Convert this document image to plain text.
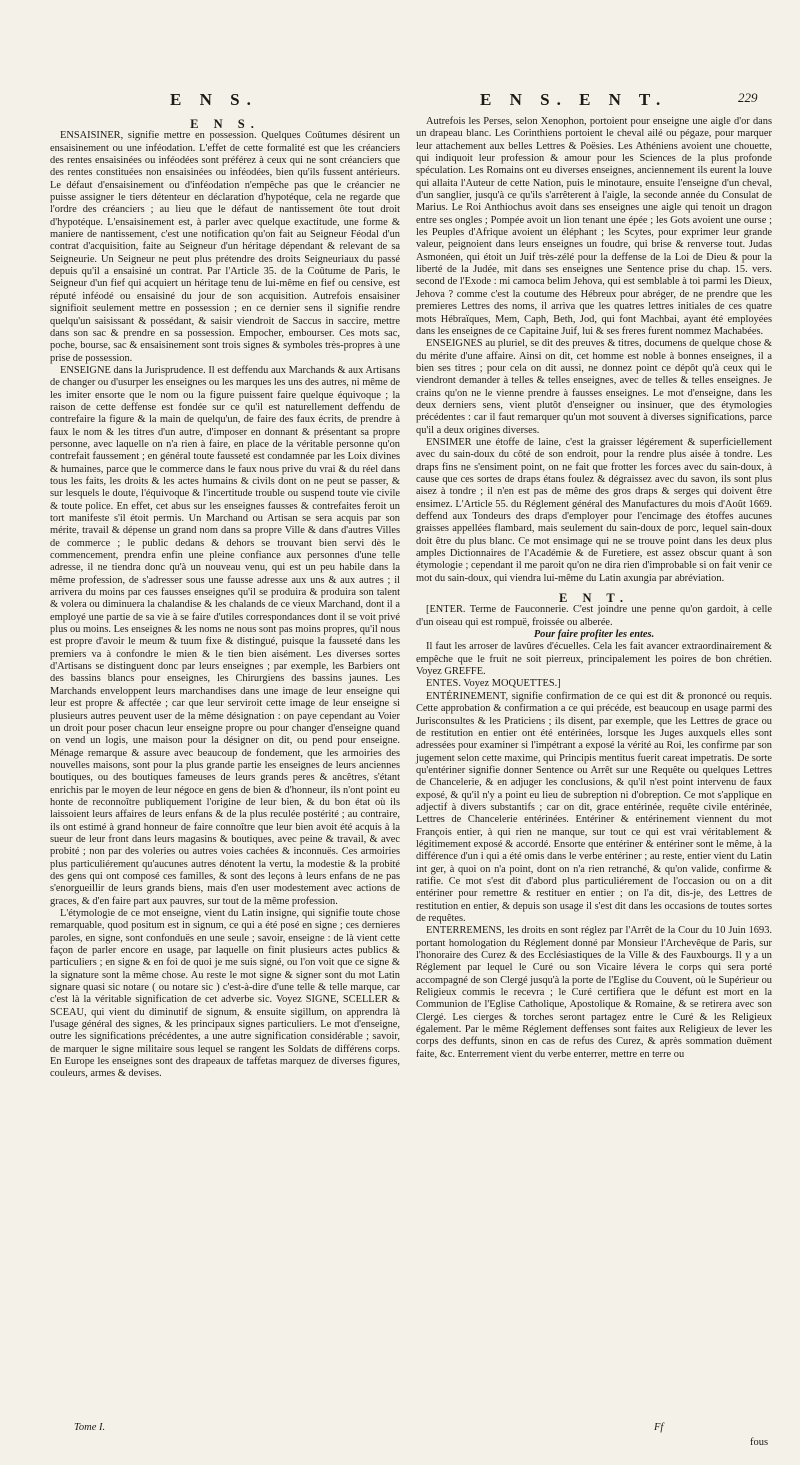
E N S.	E N S. E N T.	229

E N S.

ENSAISINER, signifie mettre en possession. Quelques Coûtumes désirent un ensaisinement ou une inféodation. L'effet de cette formalité est que les créanciers des rentes ensaisinées ou inféodées sont préférez à ceux qui ne sont créanciers que des rentes constituées non ensaisinées ou inféodées, bien qu'ils fussent antérieurs. Le défaut d'ensaisinement ou d'inféodation n'empêche pas que le créancier ne puisse assigner le tiers détenteur en déclaration d'hypotéque, cela ne regarde que l'ordre des créanciers ; au lieu que le défaut de nantissement ôte tout droit d'hypotéque. L'ensaisinement est, à parler avec quelque exactitude, une forme & maniere de nantissement, c'est une notification qu'on fait au Seigneur Féodal d'un contrat d'acquisition, faite au Seigneur d'un héritage dépendant & relevant de sa Seigneurie. Un Seigneur ne peut plus prétendre des droits Seigneuriaux du passé depuis qu'il a ensaisiné un contrat. Par l'Article 35. de la Coûtume de Paris, le Seigneur d'un fief qui acquiert un héritage tenu de lui-même en fief ou censive, est réputé inféodé ou ensaisiné du jour de son acquisition. Autrefois ensaisiner signifioit seulement mettre en possession ; en ce dernier sens il signifie rendre quelqu'un saisissant & possédant, & saisir viendroit de Saccus in saccire, mettre dans son sac & prendre en sa possession. Empocher, embourser. Ces mots sac, poche, bourse, sac & ensaisinement sont trois signes & symboles très-propres à une prise de possession.

ENSEIGNE dans la Jurisprudence. Il est deffendu aux Marchands & aux Artisans de changer ou d'usurper les enseignes ou les marques les uns des autres, ni même de les imiter ensorte que le nom ou la figure puissent faire quelque équivoque ; la raison de cette deffense est fondée sur ce qu'il est naturellement deffendu de contrefaire la figure & la main de quelqu'un, de faire des faux écrits, de prendre à faux le nom & les titres d'un autre, d'imposer en donnant & présentant sa propre personne, avec laquelle on n'a rien à faire, en place de la véritable personne qu'on contrefait faussement ; en général toute fausseté est condamnée par les Loix divines & humaines, parce que le commerce dans le faux nous prive du vrai & du réel dans tous les faits, les droits & les actes humains & civils dont on ne peut se passer, & sur lesquels le doute, l'équivoque & l'incertitude trouble ou suspend toute vie civile & toute police. En effet, cet abus sur les enseignes fausses & contrefaites feroit un tort manifeste s'il étoit permis. Un Marchand ou Artisan se sera acquis par son mérite, travail & dépense un grand nom dans sa propre Ville & dans d'autres Villes de commerce ; le public dedans & dehors se trouvant bien servi dès le commencement, prendra enfin une pleine confiance aux personnes d'une telle adresse, il ne tiendra donc qu'à un nouveau venu, qui est un peu habile dans la même profession, de s'adresser sous une fausse adresse aux uns & aux autres ; il arrivera du moins par ces fausses enseignes qu'il se produira & produira son talent & volera ou diminuera la chalandise & les chalands de ce vieux Marchand, dont il a employé une partie de sa vie à se faire d'utiles correspondances dont il se voit privé plus ou moins. Les enseignes & les noms ne nous sont pas moins propres, qu'il nous est propre d'avoir le meum & tuum fixe & distingué, puisque la fausseté dans les premiers va à confondre le mien & le tien bien aisément. Les diverses sortes d'Artisans se distinguent donc par leurs enseignes ; par exemple, les Barbiers ont des bassins blancs pour enseignes, les Chirurgiens des bassins jaunes. Les Marchands enveloppent leurs marchandises dans une image de leur enseigne qui leur est propre & affectée ; car que leur serviroit cette image de leur enseigne si plusieurs autres peuvent user de la même désignation : on paye cependant au Voier un droit pour poser chacun leur enseigne propre ou pour changer d'enseigne quand on vend un logis, une maison pour la désigner on dit, ou pend pour enseigne. Ménage remarque & assure avec beaucoup de fondement, que les armoiries des nouvelles maisons, sont pour la plus grande partie les enseignes de leurs anciennes boutiques, ou des boutiques fameuses de leurs grands peres & ancêtres, s'étant enrichis par le moyen de leur négoce en gens de bien & d'honneur, ils n'ont point eu honte de reconnoître publiquement l'origine de leur bien, & du bon état où ils laissoient leurs affaires de leurs enfans & de la plus reculée postérité ; au contraire, ils ont estimé à grand honneur de faire connoître que leur bien avoit été acquis à la sueur de leur front dans leurs magasins & boutiques, avec peine & travail, & avec probité ; non par des voleries ou autres voies cachées & inconnuës. Ces armoiries plus particuliérement qu'aucunes autres dénotent la vertu, la modestie & la probité des gens qui ont composé ces familles, & sont des leçons à leurs enfans de ne pas s'enorgueillir de leurs grands biens, mais d'en user modestement avec actions de graces, & d'en faire part aux pauvres, sur tout de la même profession.

L'étymologie de ce mot enseigne, vient du Latin insigne, qui signifie toute chose remarquable, quod positum est in signum, ce qui a été posé en signe ; ces dernieres paroles, en signe, sont confonduës en une seule ; savoir, enseigne : de là vient cette façon de parler encore en usage, par laquelle on finit plusieurs actes publics & particuliers ; en signe & en foi de quoi je me suis signé, ou l'on voit que ce signe & la signature sont la même chose. Au reste le mot signe & signer sont du mot Latin signare quasi sic notare ( ou notare sic ) c'est-à-dire d'une telle & telle marque, car c'est là la véritable signification de cet adverbe sic. Voyez SIGNE, SCELLER & SCEAU, qui vient du diminutif de signum, & ensuite sigillum, on apprendra là l'usage général des signes, & les principaux signes particuliers. Le mot d'enseigne, outre les significations précédentes, a une autre signification considérable ; savoir, de marquer le signe militaire sous lequel se rangent les Soldats de différens corps. En Europe les enseignes sont des drapeaux de taffetas marquez de diverses figures, couleurs, armes & devises.

Autrefois les Perses, selon Xenophon, portoient pour enseigne une aigle d'or dans un drapeau blanc. Les Corinthiens portoient le cheval ailé ou pégaze, pour marquer leur attachement aux belles Lettres & Poësies. Les Athéniens avoient une chouette, qui indiquoit leur profession & amour pour les Sciences de la plus profonde spéculation. Les Romains ont eu diverses enseignes, anciennement ils eurent la louve qui allaita l'Auteur de cette Nation, puis le minotaure, ensuite l'enseigne d'un cheval, d'un sanglier, jusqu'à ce qu'ils s'arrêterent à l'aigle, la seconde année du Consulat de Marius. Le Roi Anthiochus avoit dans ses enseignes une aigle qui tenoit un dragon entre ses ongles ; Pompée avoit un lion tenant une épée ; les Gots avoient une ourse ; les Peuples d'Afrique avoient un éléphant ; les Scytes, pour exprimer leur grande valeur, peignoient dans leurs enseignes un foudre, qui brise & renverse tout. Judas Asmonéen, qui étoit un Juif très-zélé pour la deffense de la Loi de Dieu & pour la liberté de la Judée, mit dans ses enseignes une Sentence prise du chap. 15. vers. second de l'Exode : mi camoca belim Jehova, qui est semblable à toi parmi les Dieux, Jehova ? comme c'est la coutume des Hébreux pour abréger, de ne prendre que les premieres Lettres des noms, il arriva que les quatres lettres initiales de ces quatre mots Hébraïques, Mem, Caph, Beth, Jod, qui font Machbai, ayant été employées dans les enseignes de ce Capitaine Juif, lui & ses freres furent nommez Machabées.

ENSEIGNES au pluriel, se dit des preuves & titres, documens de quelque chose & du mérite d'une affaire. Ainsi on dit, cet homme est noble à bonnes enseignes, il a bien ses titres ; pour cela on dit aussi, ne donnez point ce dépôt qu'à ceux qui le viendront demander à telles & telles enseignes, avec de telles & telles enseignes. Je crains qu'on ne le vienne prendre à fausses enseignes. Le mot d'enseigne, dans les deux derniers sens, vient plutôt d'enseigner ou insinuer, que des étymologies précédentes : car il faut remarquer qu'un mot souvent à diverses significations, parce qu'il a deux origines diverses.

ENSIMER une étoffe de laine, c'est la graisser légérement & superficiellement avec du sain-doux du côté de son endroit, pour la rendre plus aisée à tondre. Les draps fins ne s'ensiment point, on ne fait que frotter les forces avec du sain-doux, à cause que ces sortes de draps étans foulez & dégraissez avec du savon, ils sont plus aisez à tondre ; il n'en est pas de même des gros draps & serges qui doivent être ensimez. L'Article 55. du Réglement général des Manufactures du mois d'Août 1669. deffend aux Tondeurs des draps d'employer pour l'encimage des étoffes aucunes graisses appellées flambard, mais seulement du sain-doux de porc, lequel sain-doux doit être du plus blanc. Ce mot ensimage qui ne se trouve point dans les deux plus amples Dictionnaires de l'Académie & de Furetiere, est assez obscur quant à son étymologie ; cependant il me paroit qu'on ne dira rien d'improbable si on fait venir ce mot du sain-doux, qui viendra lui-même du Latin axungia par abréviation.

E N T.

[ENTER. Terme de Fauconnerie. C'est joindre une penne qu'on gardoit, à celle d'un oiseau qui est rompuë, froissée ou alberée.

Pour faire profiter les entes.

Il faut les arroser de lavûres d'écuelles. Cela les fait avancer extraordinairement & empêche que le fruit ne soit pierreux, principalement les poires de bon chrétien. Voyez GREFFE.

ENTES. Voyez MOQUETTES.]

ENTÉRINEMENT, signifie confirmation de ce qui est dit & prononcé ou requis. Cette approbation & confirmation a ce qui précéde, est beaucoup en usage parmi des Jurisconsultes & les Praticiens ; ils disent, par exemple, que les Lettres de grace ou de restitution en entier ont été entérinées, lorsque les Juges auxquels elles sont adressées pour examiner si l'impétrant a exposé la vérité au Roi, les confirme par son jugement selon cette maxime, qui Principis mentitus fuerit careat impetratis. De sorte qu'entériner signifie donner Sentence ou Arrêt sur une Requête ou quelques Lettres de Chancelerie, & en adjuger les conclusions, & qu'il n'est point intervenu de faux exposé, & qu'il n'y a point eu lieu de subreption ni d'obreption. Ce mot s'applique en adjectif à divers substantifs ; car on dit, grace entérinée, requête civile entérinée, Lettres de Chancelerie entérinées. Entériner & entérinement viennent du mot François entier, à qui rien ne manque, sur tout ce qui est vrai véritablement & légitimement exposé & accordé. Ensorte que entériner & entériner sont le même, à la différence d'un i qui a été omis dans le verbe entériner ; au reste, entier vient du Latin int ger, à quoi on n'a point, dont on n'a rien retranché, & qu'on valide, confirme & ratifie. Ce mot s'est dit d'abord plus particuliérement de l'occasion ou on a dit entériner pour remettre & restituer en entier ; on l'a dit, dis-je, des Lettres de restitution en entier, & depuis son usage il s'est dit dans les occasions de toutes sortes de requêtes.

ENTERREMENS, les droits en sont réglez par l'Arrêt de la Cour du 10 Juin 1693. portant homologation du Réglement donné par Monsieur l'Archevêque de Paris, sur l'honoraire des Curez & des Ecclésiastiques de la Ville & des Fauxbourgs. Il y a un Réglement par lequel le Curé ou son Vicaire lévera le corps qui sera porté accompagné de son Clergé jusqu'à la porte de l'Eglise du Couvent, où le Supérieur ou Religieux commis le recevra ; le Curé certifiera que le défunt est mort en la Communion de l'Eglise Catholique, Apostolique & Romaine, & se retirera avec son Clergé. Les cierges & torches seront partagez entre le Curé & les Religieux également. Par le même Réglement deffenses sont faites aux Religieux de lever les corps des deffunts, sinon en cas de refus des Curez, & après sommation duëment faite, &c. Enterrement vient du verbe enterrer, mettre en terre ou

Tome I.	Ff
fous
